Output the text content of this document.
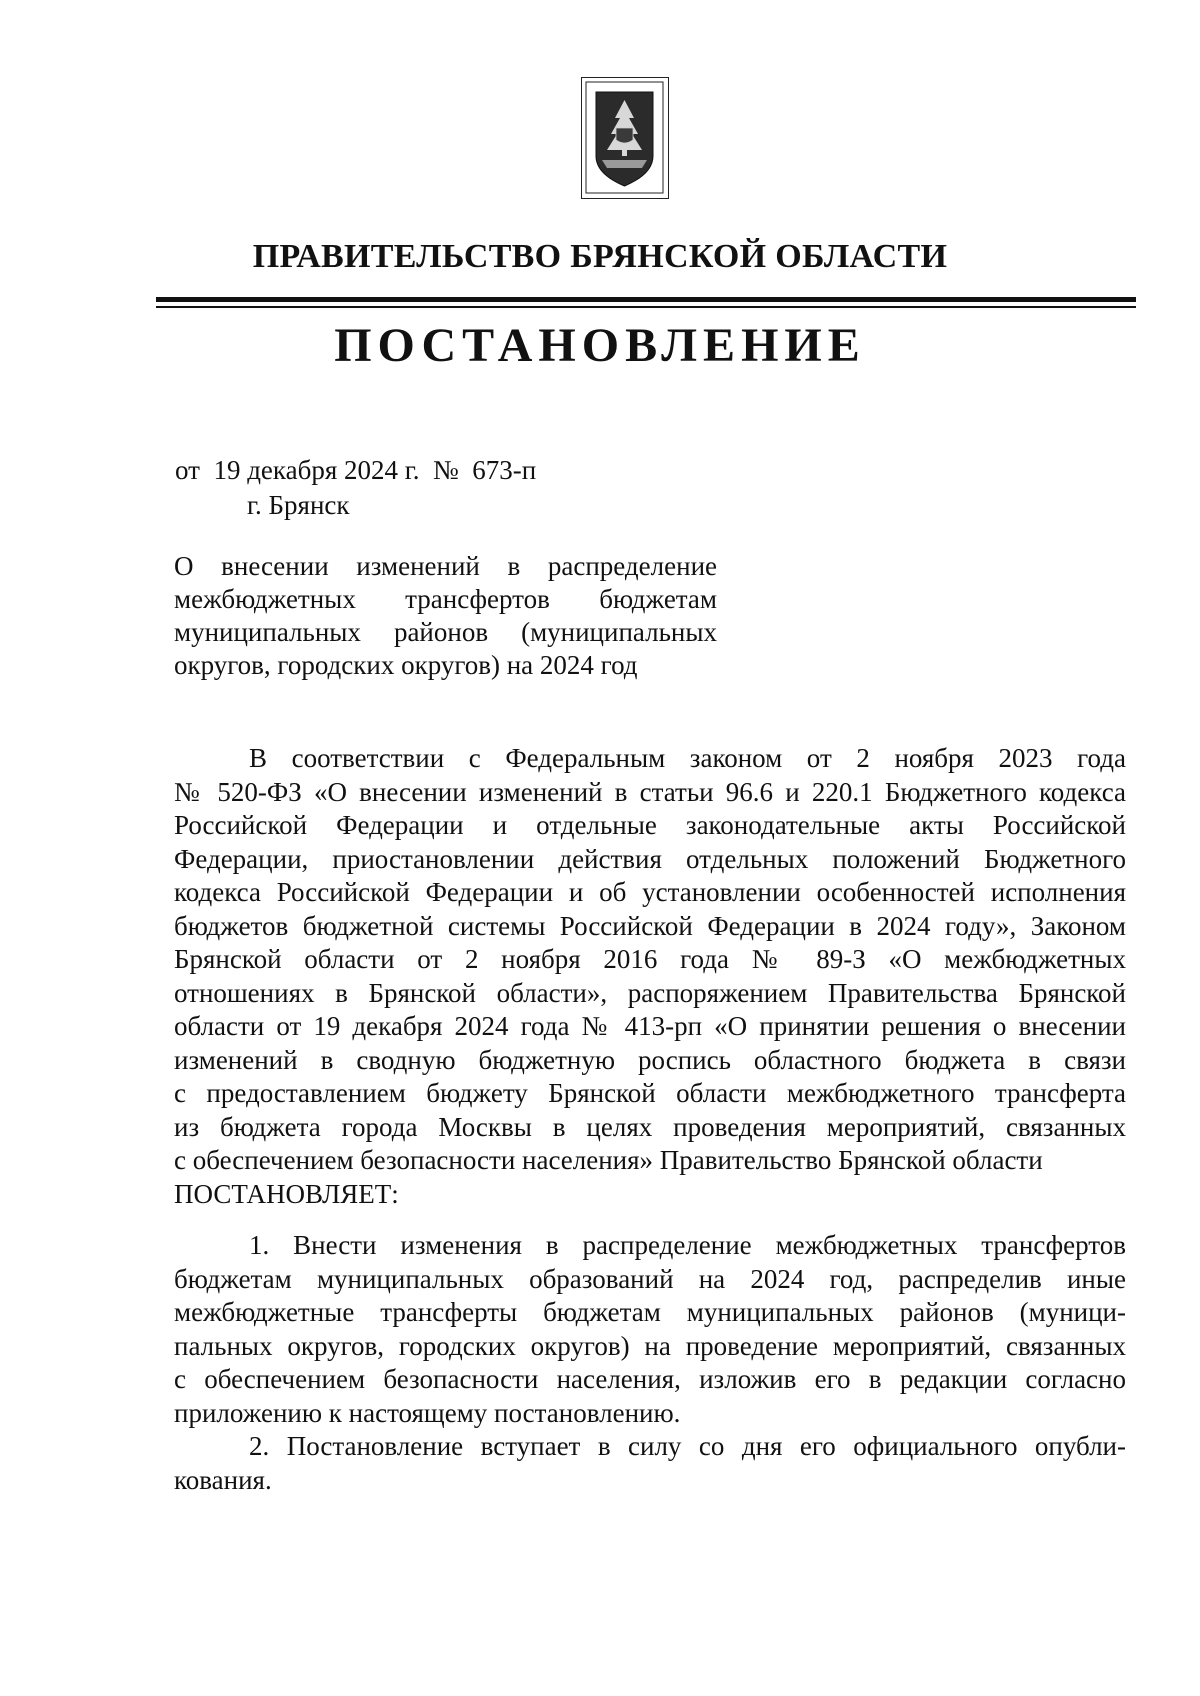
ПРАВИТЕЛЬСТВО БРЯНСКОЙ ОБЛАСТИ
ПОСТАНОВЛЕНИЕ
от  19 декабря 2024 г.  №  673-п
г. Брянск
О внесении изменений в распределение
межбюджетных трансфертов бюджетам
муниципальных районов (муниципальных
округов, городских округов) на 2024 год
В соответствии с Федеральным законом от 2 ноября 2023 года
№ 520-ФЗ «О внесении изменений в статьи 96.6 и 220.1 Бюджетного кодекса
Российской Федерации и отдельные законодательные акты Российской
Федерации, приостановлении действия отдельных положений Бюджетного
кодекса Российской Федерации и об установлении особенностей исполнения
бюджетов бюджетной системы Российской Федерации в 2024 году», Законом
Брянской области от 2 ноября 2016 года № 89-З «О межбюджетных
отношениях в Брянской области», распоряжением Правительства Брянской
области от 19 декабря 2024 года № 413-рп «О принятии решения о внесении
изменений в сводную бюджетную роспись областного бюджета в связи
с предоставлением бюджету Брянской области межбюджетного трансферта
из бюджета города Москвы в целях проведения мероприятий, связанных
с обеспечением безопасности населения» Правительство Брянской области
ПОСТАНОВЛЯЕТ:
1. Внести изменения в распределение межбюджетных трансфертов
бюджетам муниципальных образований на 2024 год, распределив иные
межбюджетные трансферты бюджетам муниципальных районов (муници-
пальных округов, городских округов) на проведение мероприятий, связанных
с обеспечением безопасности населения, изложив его в редакции согласно
приложению к настоящему постановлению.
2. Постановление вступает в силу со дня его официального опубли-
кования.
